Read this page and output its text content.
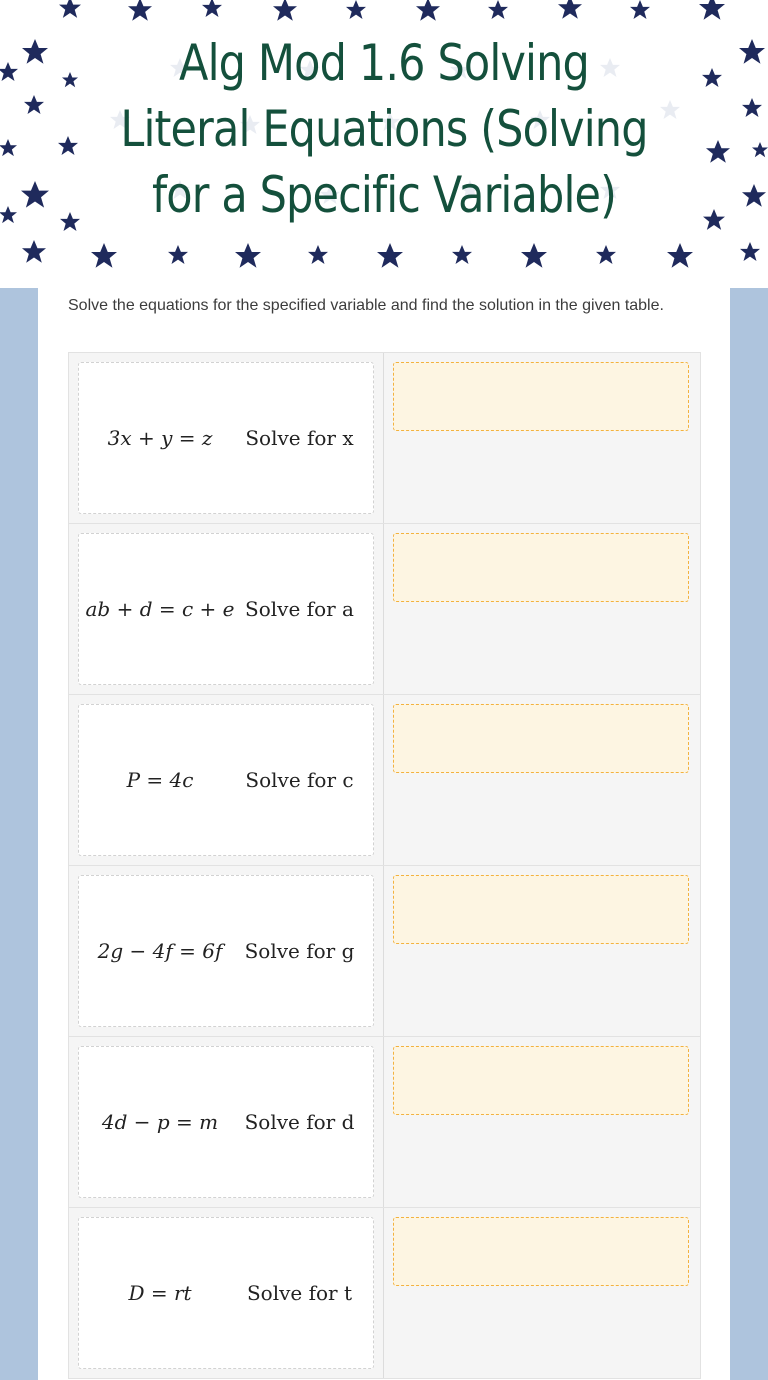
Alg Mod 1.6 Solving Literal Equations (Solving for a Specific Variable)
Solve the equations for the specified variable and find the solution in the given table.
3x + y = z	Solve for x
ab + d = c + e Solve for a
P = 4c	Solve for c
2g − 4f = 6f	Solve for g
4d − p = m	Solve for d
D = rt	Solve for t
